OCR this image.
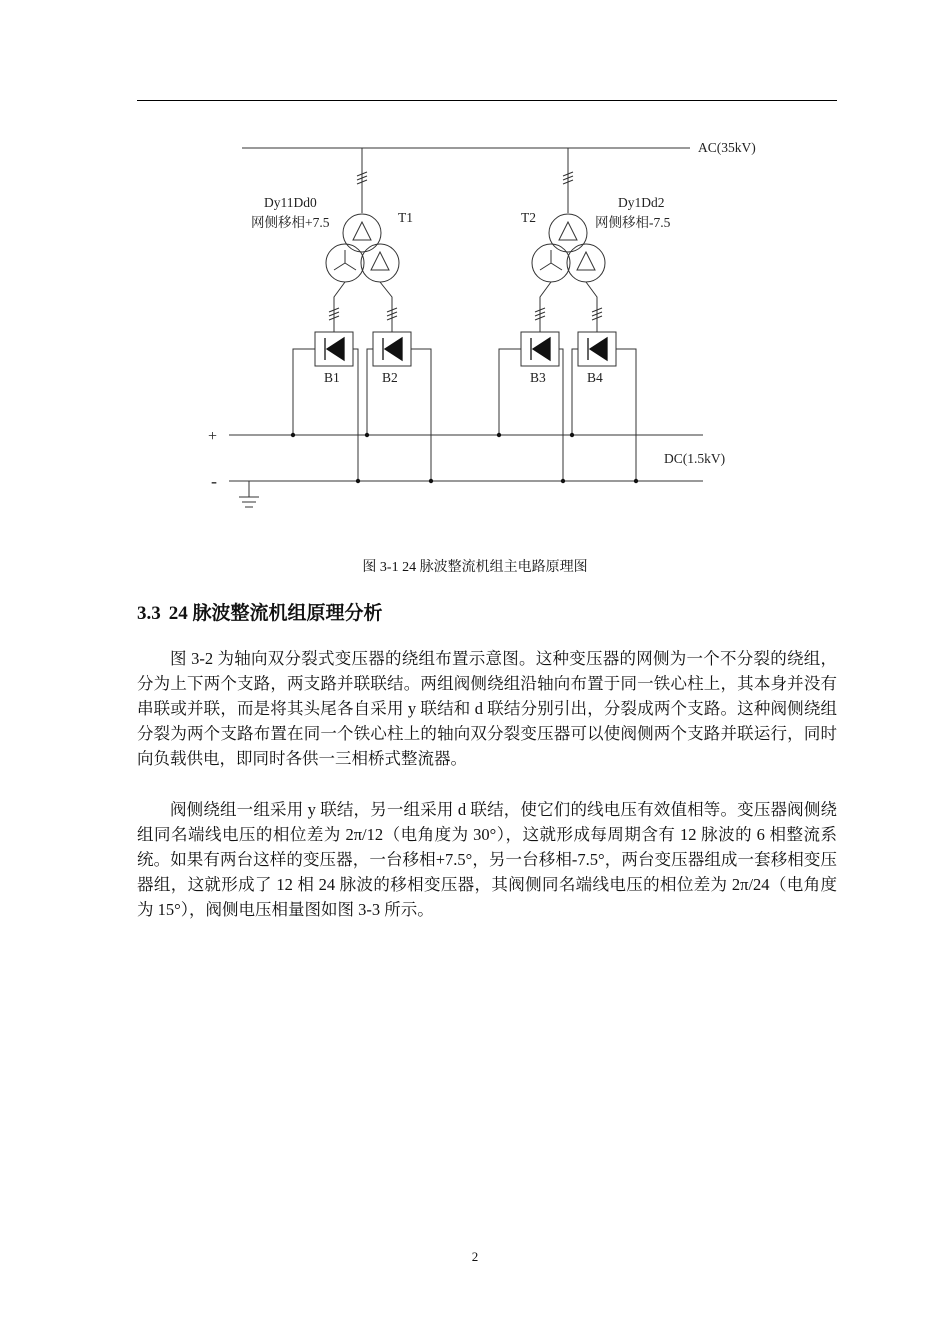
AC(35kV)
DC(1.5kV)
+
-
Dy11Dd0
网侧移相+7.5	T1
Dy1Dd2
网侧移相-7.5
T2
B1	B2	B3	B4
图 3-1 24 脉波整流机组主电路原理图
3.3 24 脉波整流机组原理分析

图 3-2 为轴向双分裂式变压器的绕组布置示意图。这种变压器的网侧为一个不分裂的绕组，分为上下两个支路，两支路并联联结。两组阀侧绕组沿轴向布置于同一铁心柱上，其本身并没有串联或并联，而是将其头尾各自采用 y 联结和 d 联结分别引出，分裂成两个支路。这种阀侧绕组分裂为两个支路布置在同一个铁心柱上的轴向双分裂变压器可以使阀侧两个支路并联运行，同时向负载供电，即同时各供一三相桥式整流器。

阀侧绕组一组采用 y 联结，另一组采用 d 联结，使它们的线电压有效值相等。变压器阀侧绕组同名端线电压的相位差为 2π/12（电角度为 30°），这就形成每周期含有 12 脉波的 6 相整流系统。如果有两台这样的变压器，一台移相+7.5°，另一台移相-7.5°，两台变压器组成一套移相变压器组，这就形成了 12 相 24 脉波的移相变压器，其阀侧同名端线电压的相位差为 2π/24（电角度为 15°），阀侧电压相量图如图 3-3 所示。

2
